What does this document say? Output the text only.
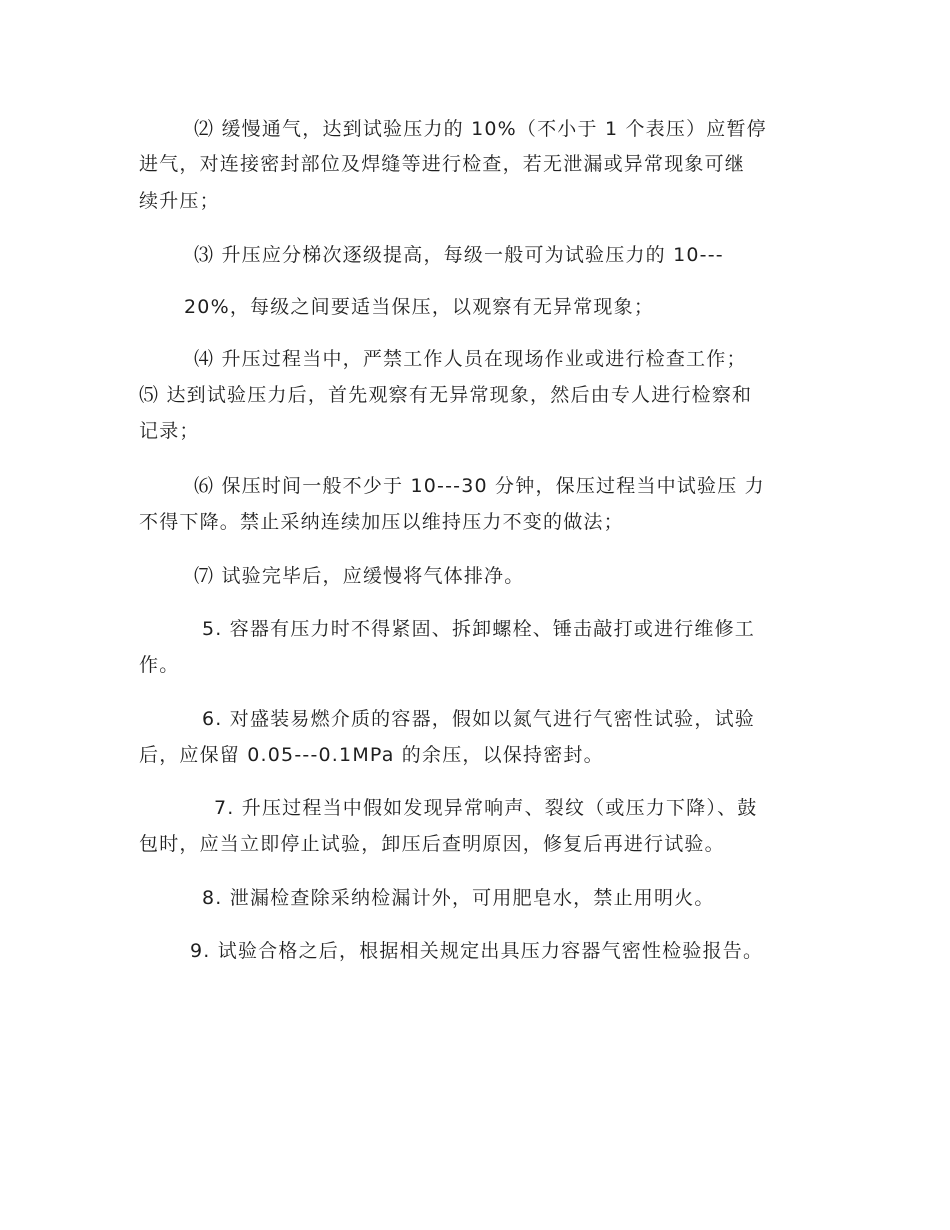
⑵ 缓慢通气，达到试验压力的 10%（不小于 1 个表压）应暂停
进气，对连接密封部位及焊缝等进行检查，若无泄漏或异常现象可继
续升压；
⑶ 升压应分梯次逐级提高，每级一般可为试验压力的 10---
20%，每级之间要适当保压，以观察有无异常现象；
⑷ 升压过程当中，严禁工作人员在现场作业或进行检查工作；
⑸ 达到试验压力后，首先观察有无异常现象，然后由专人进行检察和
记录；
⑹ 保压时间一般不少于 10---30 分钟，保压过程当中试验压 力
不得下降。禁止采纳连续加压以维持压力不变的做法；
⑺ 试验完毕后，应缓慢将气体排净。
5. 容器有压力时不得紧固、拆卸螺栓、锤击敲打或进行维修工
作。
6. 对盛装易燃介质的容器，假如以氮气进行气密性试验，试验
后，应保留 0.05---0.1MPa 的余压，以保持密封。
7. 升压过程当中假如发现异常响声、裂纹（或压力下降）、鼓
包时，应当立即停止试验，卸压后查明原因，修复后再进行试验。
8. 泄漏检查除采纳检漏计外，可用肥皂水，禁止用明火。
9. 试验合格之后，根据相关规定出具压力容器气密性检验报告。
